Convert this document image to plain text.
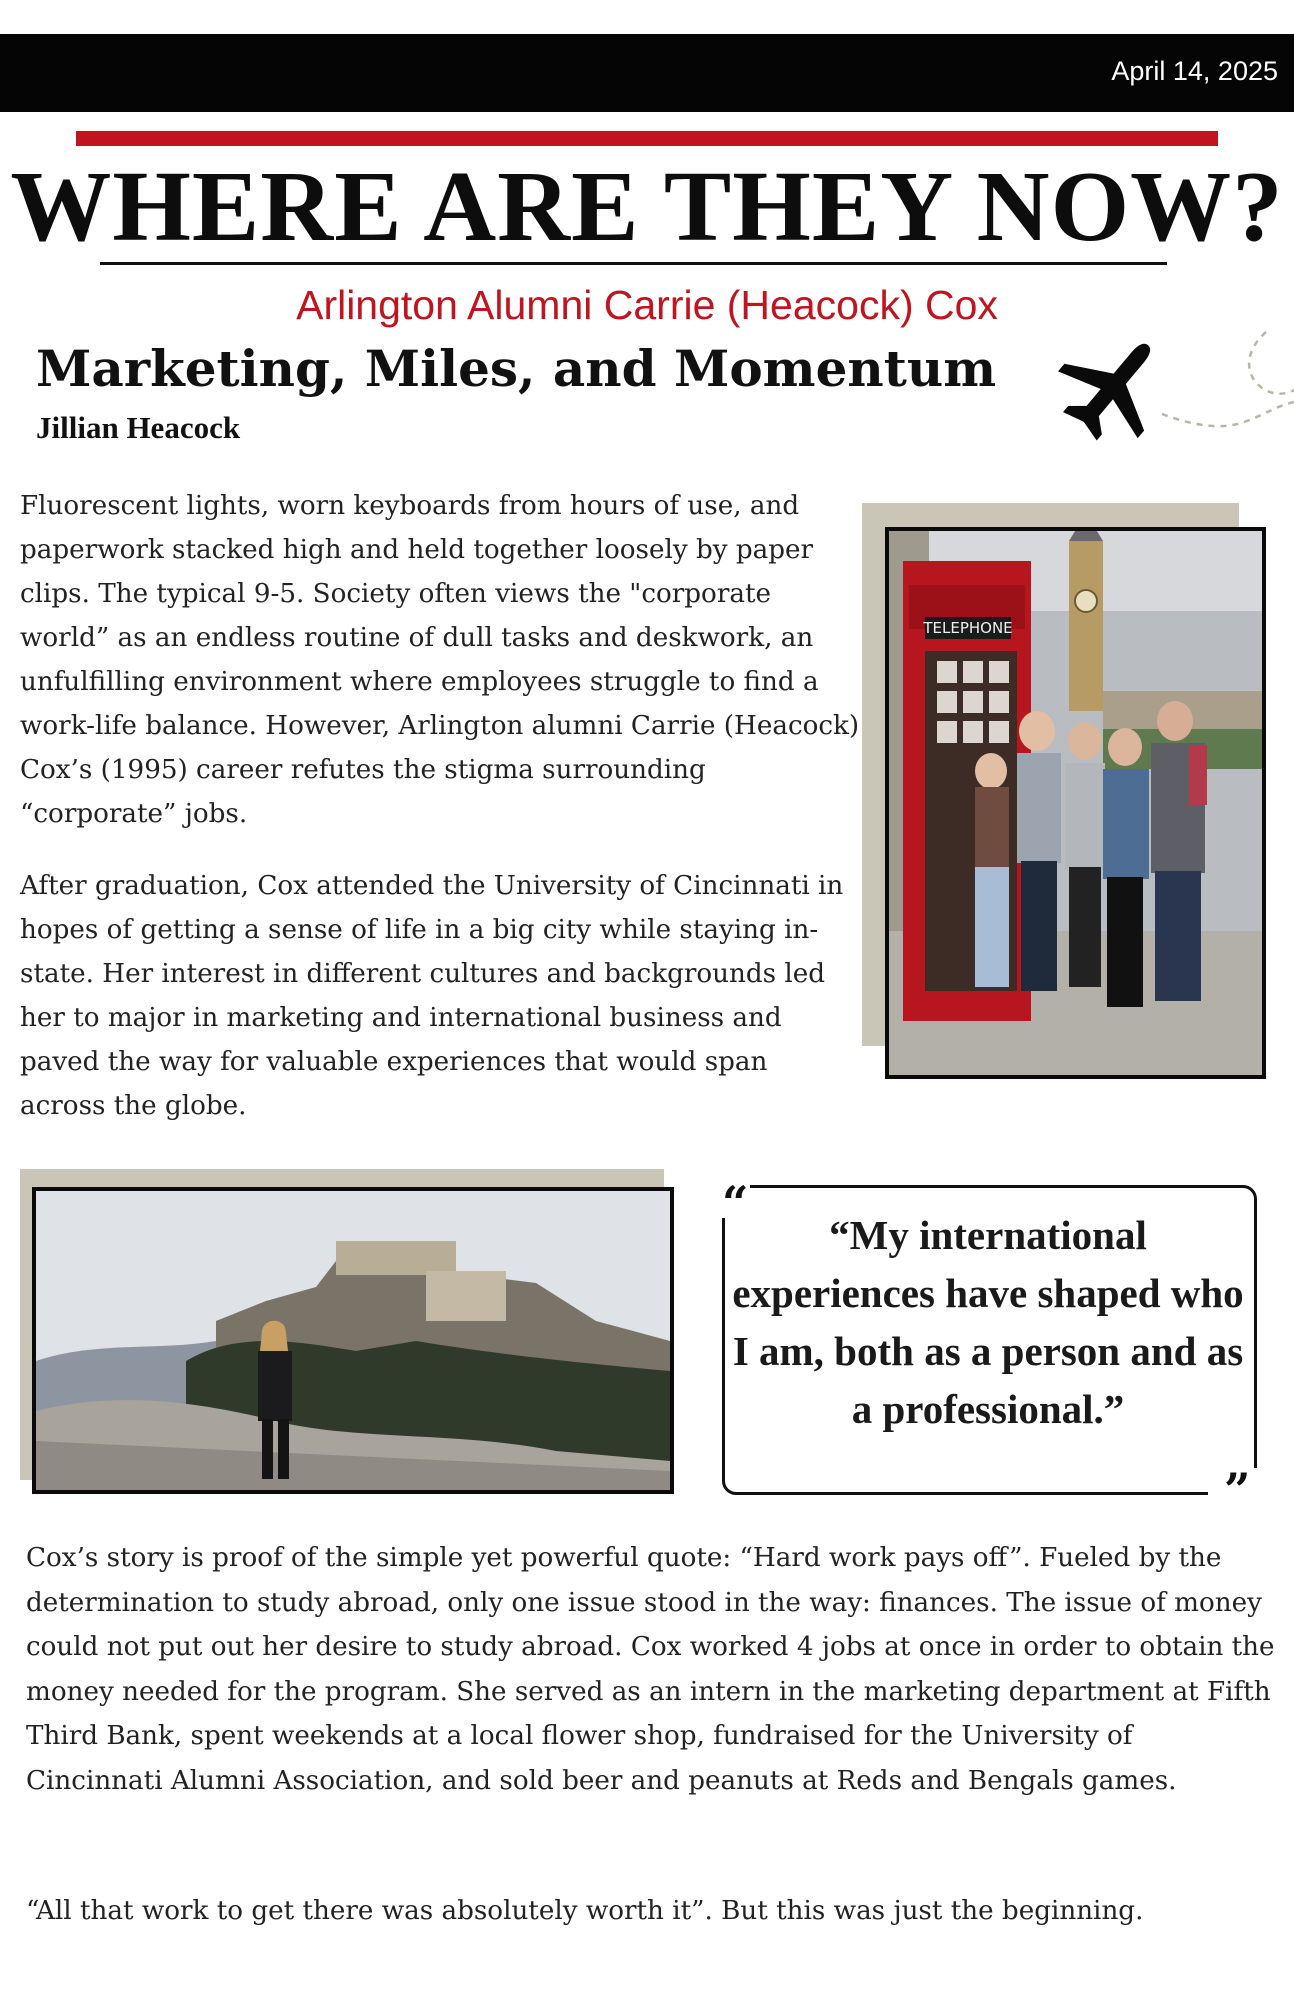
April 14, 2025
WHERE ARE THEY NOW?
Arlington Alumni Carrie (Heacock) Cox
Marketing, Miles, and Momentum
Jillian Heacock
Fluorescent lights, worn keyboards from hours of use, and paperwork stacked high and held together loosely by paper clips. The typical 9-5. Society often views the "corporate world” as an endless routine of dull tasks and deskwork, an unfulfilling environment where employees struggle to find a work-life balance. However, Arlington alumni Carrie (Heacock) Cox’s (1995) career refutes the stigma surrounding “corporate” jobs.
TELEPHONE
After graduation, Cox attended the University of Cincinnati in hopes of getting a sense of life in a big city while staying in-state. Her interest in different cultures and backgrounds led her to major in marketing and international business and paved the way for valuable experiences that would span across the globe.
“
”
“My international experiences have shaped who I am, both as a person and as a professional.”
Cox’s story is proof of the simple yet powerful quote: “Hard work pays off”. Fueled by the determination to study abroad, only one issue stood in the way: finances. The issue of money could not put out her desire to study abroad. Cox worked 4 jobs at once in order to obtain the money needed for the program. She served as an intern in the marketing department at Fifth Third Bank, spent weekends at a local flower shop, fundraised for the University of Cincinnati Alumni Association, and sold beer and peanuts at Reds and Bengals games.
“All that work to get there was absolutely worth it”. But this was just the beginning.
